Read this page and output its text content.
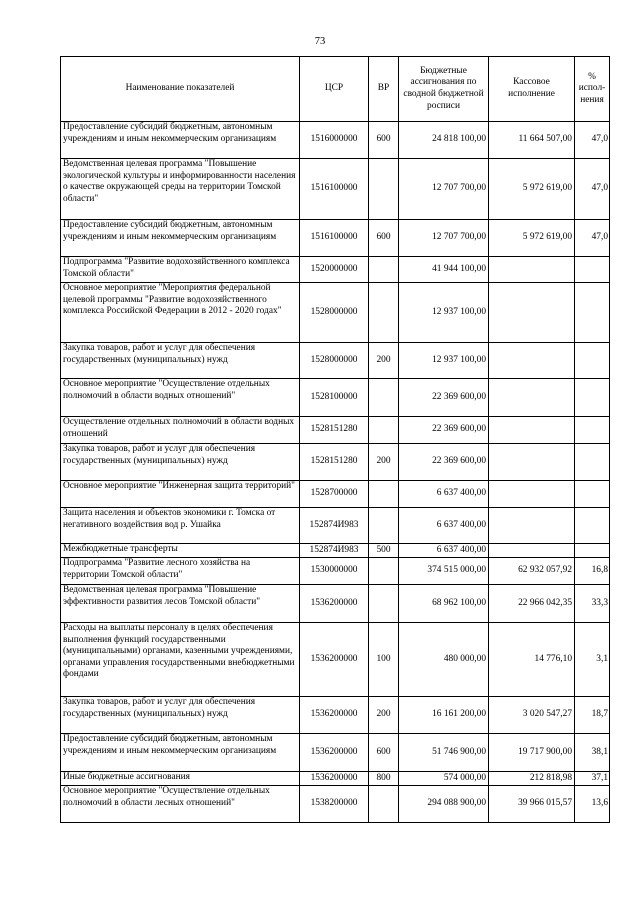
73
Наименование показателей	ЦСР	ВР	Бюджетные ассигнования по сводной бюджетной росписи	Кассовое исполнение	% испол-нения
Предоставление субсидий бюджетным, автономным учреждениям и иным некоммерческим организациям	1516000000	600	24 818 100,00	11 664 507,00	47,0
Ведомственная целевая программа "Повышение экологической культуры и информированности населения о качестве окружающей среды на территории Томской области"	1516100000		12 707 700,00	5 972 619,00	47,0
Предоставление субсидий бюджетным, автономным учреждениям и иным некоммерческим организациям	1516100000	600	12 707 700,00	5 972 619,00	47,0
Подпрограмма "Развитие водохозяйственного комплекса Томской области"	1520000000		41 944 100,00		
Основное мероприятие "Мероприятия федеральной целевой программы "Развитие водохозяйственного комплекса Российской Федерации в 2012 - 2020 годах"	1528000000		12 937 100,00		
Закупка товаров, работ и услуг для обеспечения государственных (муниципальных) нужд	1528000000	200	12 937 100,00		
Основное мероприятие "Осуществление отдельных полномочий в области водных отношений"	1528100000		22 369 600,00		
Осуществление отдельных полномочий в области водных отношений	1528151280		22 369 600,00		
Закупка товаров, работ и услуг для обеспечения государственных (муниципальных) нужд	1528151280	200	22 369 600,00		
Основное мероприятие "Инженерная защита территорий"	1528700000		6 637 400,00		
Защита населения и объектов экономики г. Томска от негативного воздействия вод р. Ушайка	152874И983		6 637 400,00		
Межбюджетные трансферты	152874И983	500	6 637 400,00		
Подпрограмма "Развитие лесного хозяйства на территории Томской области"	1530000000		374 515 000,00	62 932 057,92	16,8
Ведомственная целевая программа "Повышение эффективности развития лесов Томской области"	1536200000		68 962 100,00	22 966 042,35	33,3
Расходы на выплаты персоналу в целях обеспечения выполнения функций государственными (муниципальными) органами, казенными учреждениями, органами управления государственными внебюджетными фондами	1536200000	100	480 000,00	14 776,10	3,1
Закупка товаров, работ и услуг для обеспечения государственных (муниципальных) нужд	1536200000	200	16 161 200,00	3 020 547,27	18,7
Предоставление субсидий бюджетным, автономным учреждениям и иным некоммерческим организациям	1536200000	600	51 746 900,00	19 717 900,00	38,1
Иные бюджетные ассигнования	1536200000	800	574 000,00	212 818,98	37,1
Основное мероприятие "Осуществление отдельных полномочий в области лесных отношений"	1538200000		294 088 900,00	39 966 015,57	13,6
